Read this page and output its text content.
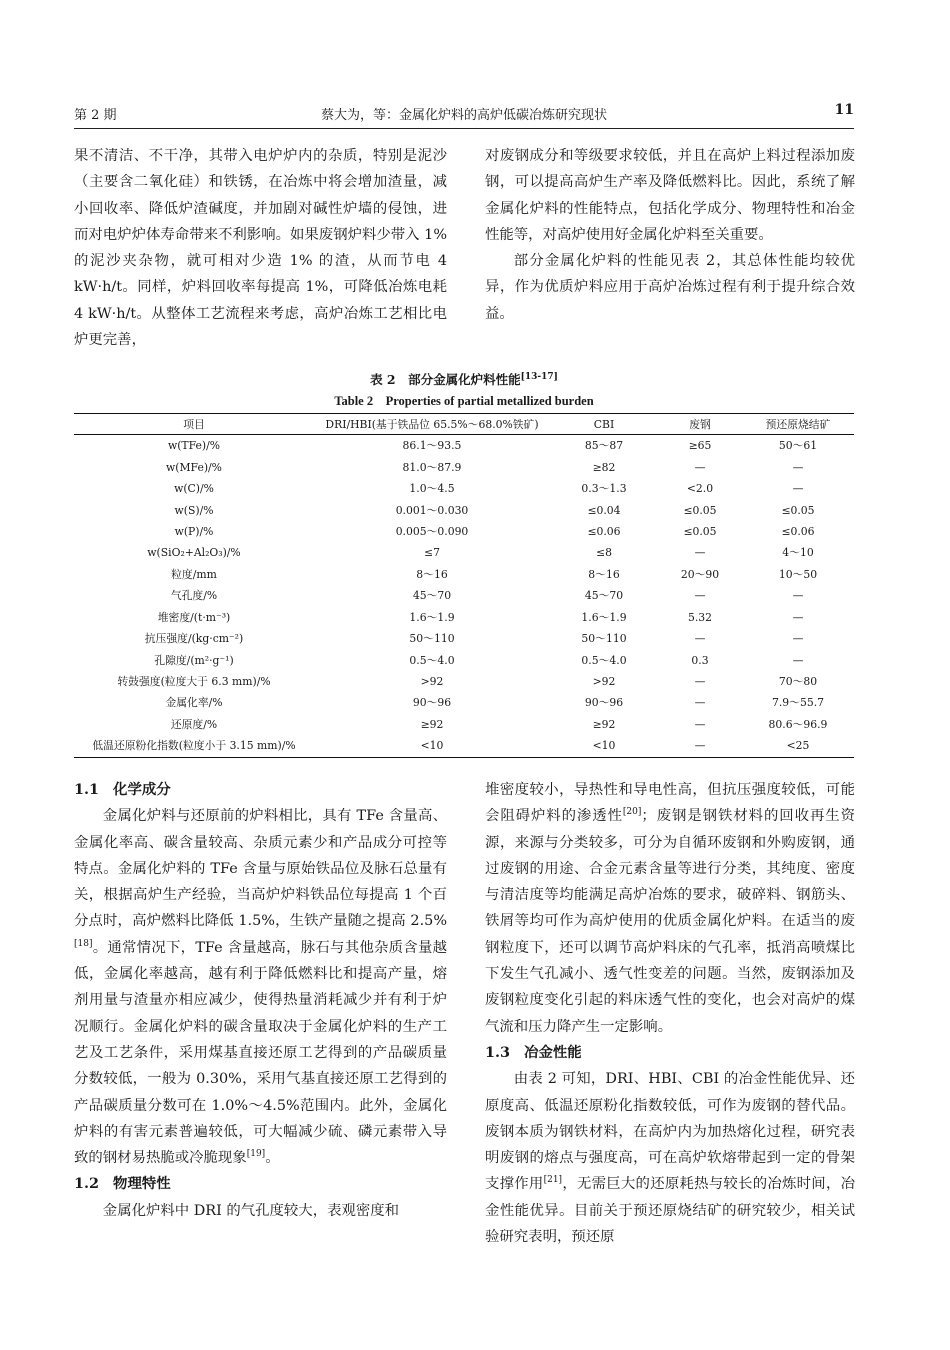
第 2 期	蔡大为，等：金属化炉料的高炉低碳冶炼研究现状	11

果不清洁、不干净，其带入电炉炉内的杂质，特别是泥沙（主要含二氧化硅）和铁锈，在冶炼中将会增加渣量，减小回收率、降低炉渣碱度，并加剧对碱性炉墙的侵蚀，进而对电炉炉体寿命带来不利影响。如果废钢炉料少带入 1% 的泥沙夹杂物，就可相对少造 1% 的渣，从而节电 4 kW·h/t。同样，炉料回收率每提高 1%，可降低冶炼电耗 4 kW·h/t。从整体工艺流程来考虑，高炉冶炼工艺相比电炉更完善，

对废钢成分和等级要求较低，并且在高炉上料过程添加废钢，可以提高高炉生产率及降低燃料比。因此，系统了解金属化炉料的性能特点，包括化学成分、物理特性和冶金性能等，对高炉使用好金属化炉料至关重要。

部分金属化炉料的性能见表 2，其总体性能均较优异，作为优质炉料应用于高炉冶炼过程有利于提升综合效益。

表 2　部分金属化炉料性能[13-17]
Table 2　Properties of partial metallized burden
项目	DRI/HBI(基于铁品位 65.5%～68.0%铁矿)	CBI	废钢	预还原烧结矿
w(TFe)/%	86.1～93.5	85～87	≥65	50～61
w(MFe)/%	81.0～87.9	≥82	—	—
w(C)/%	1.0～4.5	0.3～1.3	<2.0	—
w(S)/%	0.001～0.030	≤0.04	≤0.05	≤0.05
w(P)/%	0.005～0.090	≤0.06	≤0.05	≤0.06
w(SiO₂+Al₂O₃)/%	≤7	≤8	—	4～10
粒度/mm	8～16	8～16	20～90	10～50
气孔度/%	45～70	45～70	—	—
堆密度/(t·m⁻³)	1.6～1.9	1.6～1.9	5.32	—
抗压强度/(kg·cm⁻²)	50～110	50～110	—	—
孔隙度/(m²·g⁻¹)	0.5～4.0	0.5～4.0	0.3	—
转鼓强度(粒度大于 6.3 mm)/%	>92	>92	—	70～80
金属化率/%	90～96	90～96	—	7.9～55.7
还原度/%	≥92	≥92	—	80.6～96.9
低温还原粉化指数(粒度小于 3.15 mm)/%	<10	<10	—	<25
1.1 化学成分

金属化炉料与还原前的炉料相比，具有 TFe 含量高、金属化率高、碳含量较高、杂质元素少和产品成分可控等特点。金属化炉料的 TFe 含量与原始铁品位及脉石总量有关，根据高炉生产经验，当高炉炉料铁品位每提高 1 个百分点时，高炉燃料比降低 1.5%，生铁产量随之提高 2.5%[18]。通常情况下，TFe 含量越高，脉石与其他杂质含量越低，金属化率越高，越有利于降低燃料比和提高产量，熔剂用量与渣量亦相应减少，使得热量消耗减少并有利于炉况顺行。金属化炉料的碳含量取决于金属化炉料的生产工艺及工艺条件，采用煤基直接还原工艺得到的产品碳质量分数较低，一般为 0.30%，采用气基直接还原工艺得到的产品碳质量分数可在 1.0%～4.5%范围内。此外，金属化炉料的有害元素普遍较低，可大幅减少硫、磷元素带入导致的钢材易热脆或冷脆现象[19]。

1.2 物理特性

金属化炉料中 DRI 的气孔度较大，表观密度和

堆密度较小，导热性和导电性高，但抗压强度较低，可能会阻碍炉料的渗透性[20]；废钢是钢铁材料的回收再生资源，来源与分类较多，可分为自循环废钢和外购废钢，通过废钢的用途、合金元素含量等进行分类，其纯度、密度与清洁度等均能满足高炉冶炼的要求，破碎料、钢筋头、铁屑等均可作为高炉使用的优质金属化炉料。在适当的废钢粒度下，还可以调节高炉料床的气孔率，抵消高喷煤比下发生气孔减小、透气性变差的问题。当然，废钢添加及废钢粒度变化引起的料床透气性的变化，也会对高炉的煤气流和压力降产生一定影响。

1.3 冶金性能

由表 2 可知，DRI、HBI、CBI 的冶金性能优异、还原度高、低温还原粉化指数较低，可作为废钢的替代品。废钢本质为钢铁材料，在高炉内为加热熔化过程，研究表明废钢的熔点与强度高，可在高炉软熔带起到一定的骨架支撑作用[21]，无需巨大的还原耗热与较长的冶炼时间，冶金性能优异。目前关于预还原烧结矿的研究较少，相关试验研究表明，预还原
